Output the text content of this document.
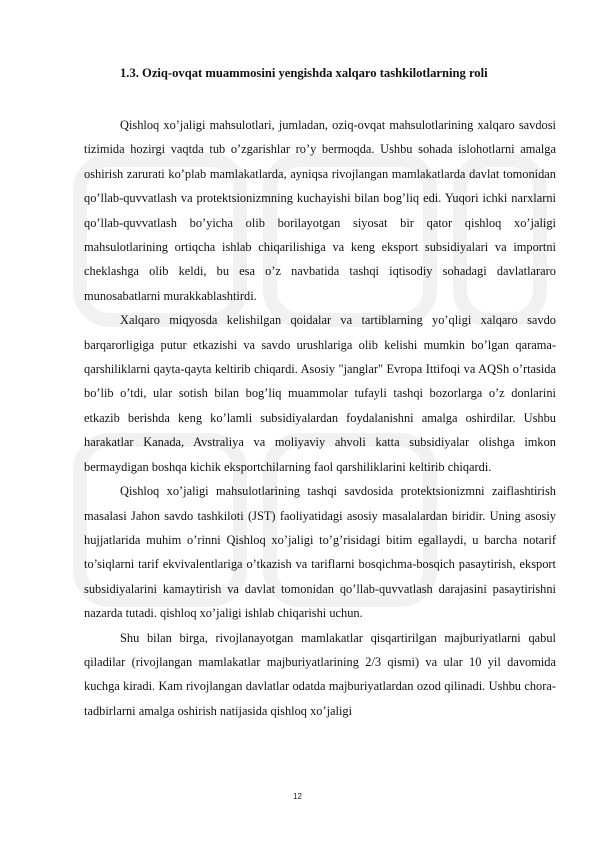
1.3. Oziq-ovqat muammosini yengishda xalqaro tashkilotlarning roli

Qishloq xo’jaligi mahsulotlari, jumladan, oziq-ovqat mahsulotlarining xalqaro savdosi tizimida hozirgi vaqtda tub o’zgarishlar ro’y bermoqda. Ushbu sohada islohotlarni amalga oshirish zarurati ko’plab mamlakatlarda, ayniqsa rivojlangan mamlakatlarda davlat tomonidan qo’llab-quvvatlash va protektsionizmning kuchayishi bilan bog’liq edi. Yuqori ichki narxlarni qo’llab-quvvatlash bo’yicha olib borilayotgan siyosat bir qator qishloq xo’jaligi mahsulotlarining ortiqcha ishlab chiqarilishiga va keng eksport subsidiyalari va importni cheklashga olib keldi, bu esa o’z navbatida tashqi iqtisodiy sohadagi davlatlararo munosabatlarni murakkablashtirdi.

Xalqaro miqyosda kelishilgan qoidalar va tartiblarning yo’qligi xalqaro savdo barqarorligiga putur etkazishi va savdo urushlariga olib kelishi mumkin bo’lgan qarama-qarshiliklarni qayta-qayta keltirib chiqardi. Asosiy "janglar" Evropa Ittifoqi va AQSh o’rtasida bo’lib o’tdi, ular sotish bilan bog’liq muammolar tufayli tashqi bozorlarga o’z donlarini etkazib berishda keng ko’lamli subsidiyalardan foydalanishni amalga oshirdilar. Ushbu harakatlar Kanada, Avstraliya va moliyaviy ahvoli katta subsidiyalar olishga imkon bermaydigan boshqa kichik eksportchilarning faol qarshiliklarini keltirib chiqardi.

Qishloq xo’jaligi mahsulotlarining tashqi savdosida protektsionizmni zaiflashtirish masalasi Jahon savdo tashkiloti (JST) faoliyatidagi asosiy masalalardan biridir. Uning asosiy hujjatlarida muhim o’rinni Qishloq xo’jaligi to’g’risidagi bitim egallaydi, u barcha notarif to’siqlarni tarif ekvivalentlariga o’tkazish va tariflarni bosqichma-bosqich pasaytirish, eksport subsidiyalarini kamaytirish va davlat tomonidan qo’llab-quvvatlash darajasini pasaytirishni nazarda tutadi. qishloq xo’jaligi ishlab chiqarishi uchun.

Shu bilan birga, rivojlanayotgan mamlakatlar qisqartirilgan majburiyatlarni qabul qiladilar (rivojlangan mamlakatlar majburiyatlarining 2/3 qismi) va ular 10 yil davomida kuchga kiradi. Kam rivojlangan davlatlar odatda majburiyatlardan ozod qilinadi. Ushbu chora-tadbirlarni amalga oshirish natijasida qishloq xo’jaligi

12
